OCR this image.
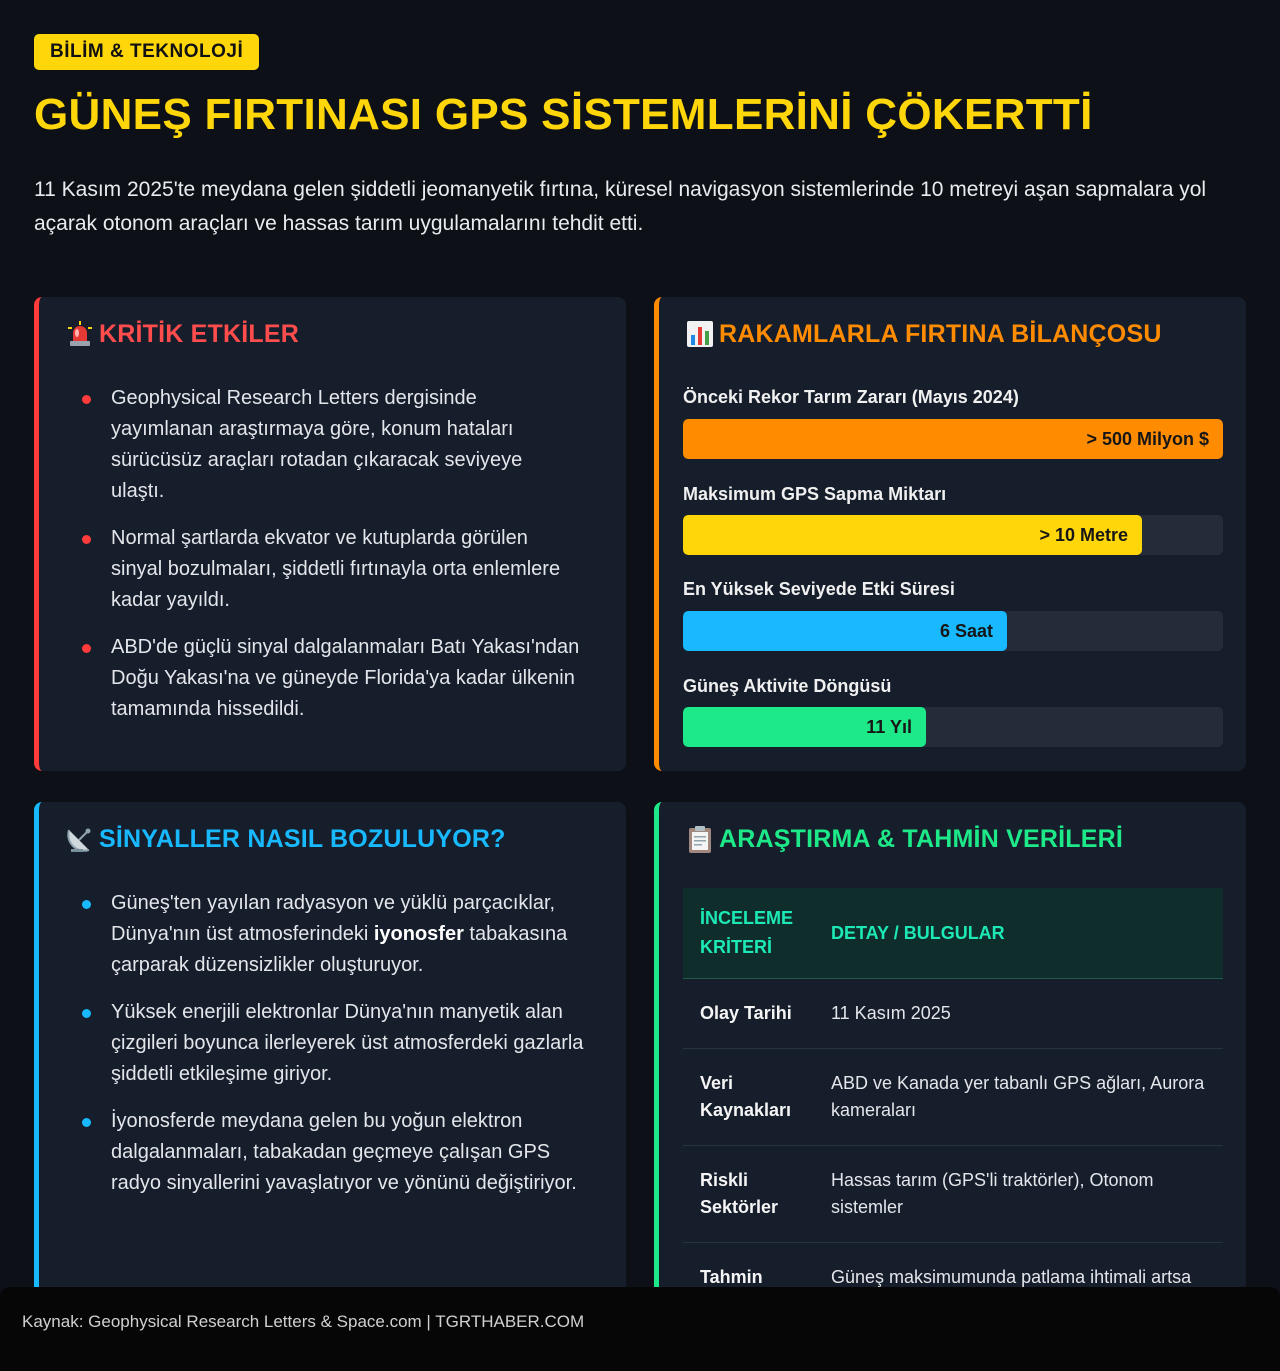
BİLİM & TEKNOLOJİ
GÜNEŞ FIRTINASI GPS SİSTEMLERİNİ ÇÖKERTTİ

11 Kasım 2025'te meydana gelen şiddetli jeomanyetik fırtına, küresel navigasyon sistemlerinde 10 metreyi aşan sapmalara yol açarak otonom araçları ve hassas tarım uygulamalarını tehdit etti.

KRİTİK ETKİLER
Geophysical Research Letters dergisinde yayımlanan araştırmaya göre, konum hataları sürücüsüz araçları rotadan çıkaracak seviyeye ulaştı.
Normal şartlarda ekvator ve kutuplarda görülen sinyal bozulmaları, şiddetli fırtınayla orta enlemlere kadar yayıldı.
ABD'de güçlü sinyal dalgalanmaları Batı Yakası'ndan Doğu Yakası'na ve güneyde Florida'ya kadar ülkenin tamamında hissedildi.
RAKAMLARLA FIRTINA BİLANÇOSU
Önceki Rekor Tarım Zararı (Mayıs 2024)
> 500 Milyon $
Maksimum GPS Sapma Miktarı
> 10 Metre
En Yüksek Seviyede Etki Süresi
6 Saat
Güneş Aktivite Döngüsü
11 Yıl
SİNYALLER NASIL BOZULUYOR?
Güneş'ten yayılan radyasyon ve yüklü parçacıklar, Dünya'nın üst atmosferindeki iyonosfer tabakasına çarparak düzensizlikler oluşturuyor.
Yüksek enerjili elektronlar Dünya'nın manyetik alan çizgileri boyunca ilerleyerek üst atmosferdeki gazlarla şiddetli etkileşime giriyor.
İyonosferde meydana gelen bu yoğun elektron dalgalanmaları, tabakadan geçmeye çalışan GPS radyo sinyallerini yavaşlatıyor ve yönünü değiştiriyor.
ARAŞTIRMA & TAHMİN VERİLERİ
İNCELEME KRİTERİ	DETAY / BULGULAR
Olay Tarihi	11 Kasım 2025
Veri Kaynakları	ABD ve Kanada yer tabanlı GPS ağları, Aurora kameraları
Riskli Sektörler	Hassas tarım (GPS'li traktörler), Otonom sistemler
Tahmin	Güneş maksimumunda patlama ihtimali artsa
Kaynak: Geophysical Research Letters & Space.com | TGRTHABER.COM
